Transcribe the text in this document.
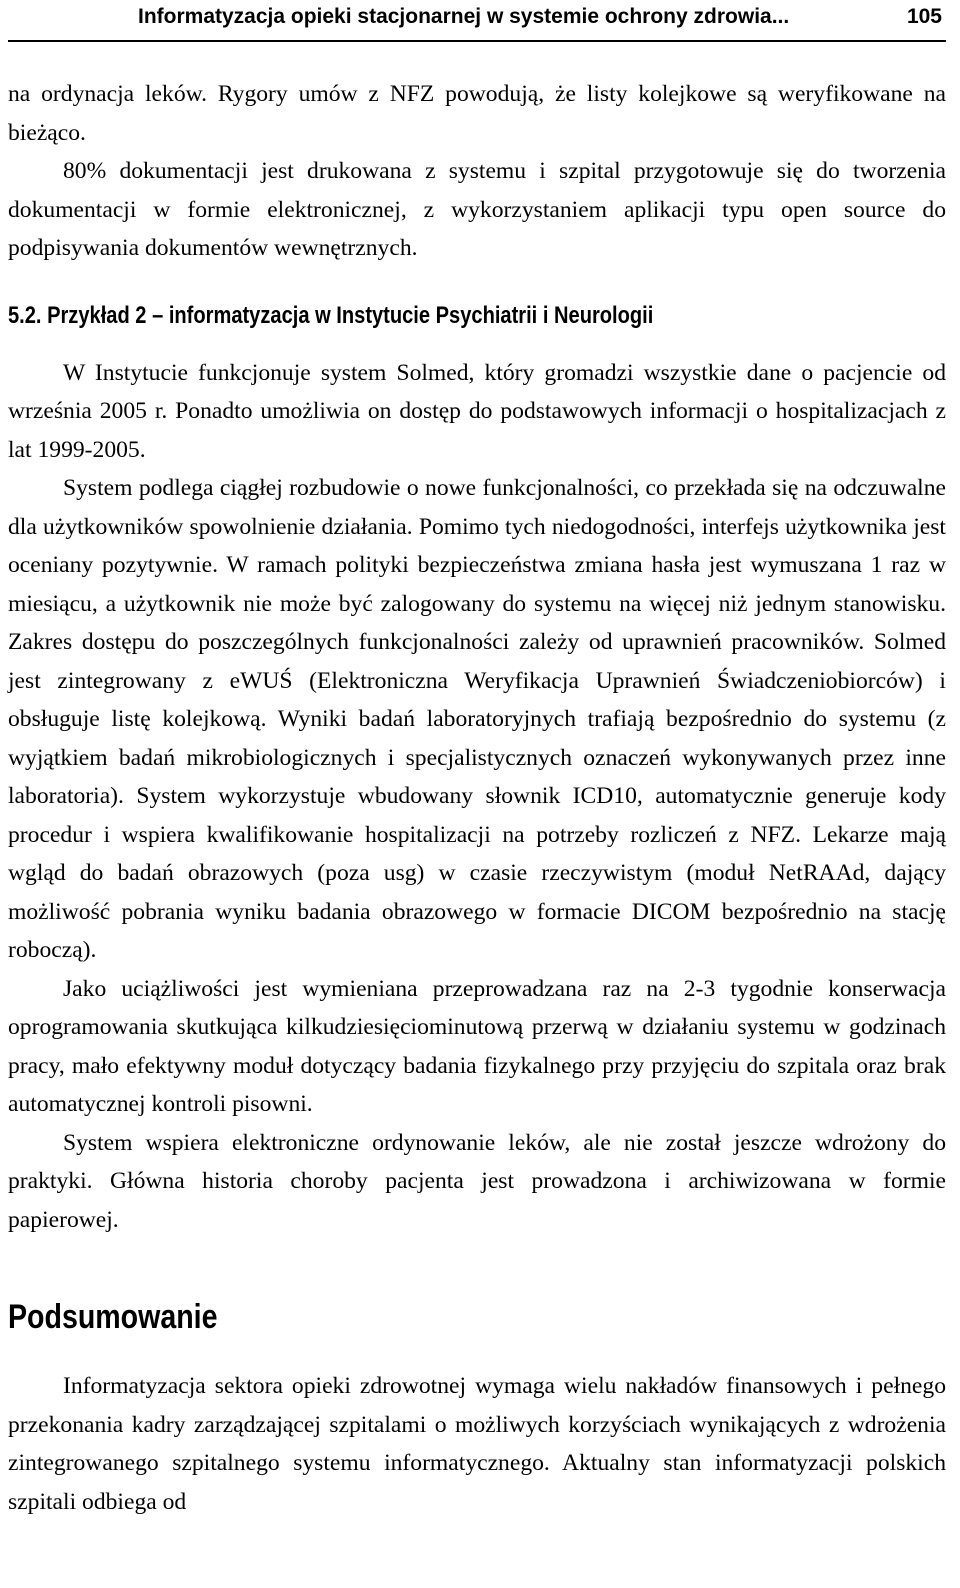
Informatyzacja opieki stacjonarnej w systemie ochrony zdrowia...	105

na ordynacja leków. Rygory umów z NFZ powodują, że listy kolejkowe są weryfikowane na bieżąco.

80% dokumentacji jest drukowana z systemu i szpital przygotowuje się do tworzenia dokumentacji w formie elektronicznej, z wykorzystaniem aplikacji typu open source do podpisywania dokumentów wewnętrznych.

5.2. Przykład 2 – informatyzacja w Instytucie Psychiatrii i Neurologii

W Instytucie funkcjonuje system Solmed, który gromadzi wszystkie dane o pacjencie od września 2005 r. Ponadto umożliwia on dostęp do podstawowych informacji o hospitalizacjach z lat 1999-2005.

System podlega ciągłej rozbudowie o nowe funkcjonalności, co przekłada się na odczuwalne dla użytkowników spowolnienie działania. Pomimo tych niedogodności, interfejs użytkownika jest oceniany pozytywnie. W ramach polityki bezpieczeństwa zmiana hasła jest wymuszana 1 raz w miesiącu, a użytkownik nie może być zalogowany do systemu na więcej niż jednym stanowisku. Zakres dostępu do poszczególnych funkcjonalności zależy od uprawnień pracowników. Solmed jest zintegrowany z eWUŚ (Elektroniczna Weryfikacja Uprawnień Świadczeniobiorców) i obsługuje listę kolejkową. Wyniki badań laboratoryjnych trafiają bezpośrednio do systemu (z wyjątkiem badań mikrobiologicznych i specjalistycznych oznaczeń wykonywanych przez inne laboratoria). System wykorzystuje wbudowany słownik ICD10, automatycznie generuje kody procedur i wspiera kwalifikowanie hospitalizacji na potrzeby rozliczeń z NFZ. Lekarze mają wgląd do badań obrazowych (poza usg) w czasie rzeczywistym (moduł NetRAAd, dający możliwość pobrania wyniku badania obrazowego w formacie DICOM bezpośrednio na stację roboczą).

Jako uciążliwości jest wymieniana przeprowadzana raz na 2-3 tygodnie konserwacja oprogramowania skutkująca kilkudziesięciominutową przerwą w działaniu systemu w godzinach pracy, mało efektywny moduł dotyczący badania fizykalnego przy przyjęciu do szpitala oraz brak automatycznej kontroli pisowni.

System wspiera elektroniczne ordynowanie leków, ale nie został jeszcze wdrożony do praktyki. Główna historia choroby pacjenta jest prowadzona i archiwizowana w formie papierowej.

Podsumowanie

Informatyzacja sektora opieki zdrowotnej wymaga wielu nakładów finansowych i pełnego przekonania kadry zarządzającej szpitalami o możliwych korzyściach wynikających z wdrożenia zintegrowanego szpitalnego systemu informatycznego. Aktualny stan informatyzacji polskich szpitali odbiega od
